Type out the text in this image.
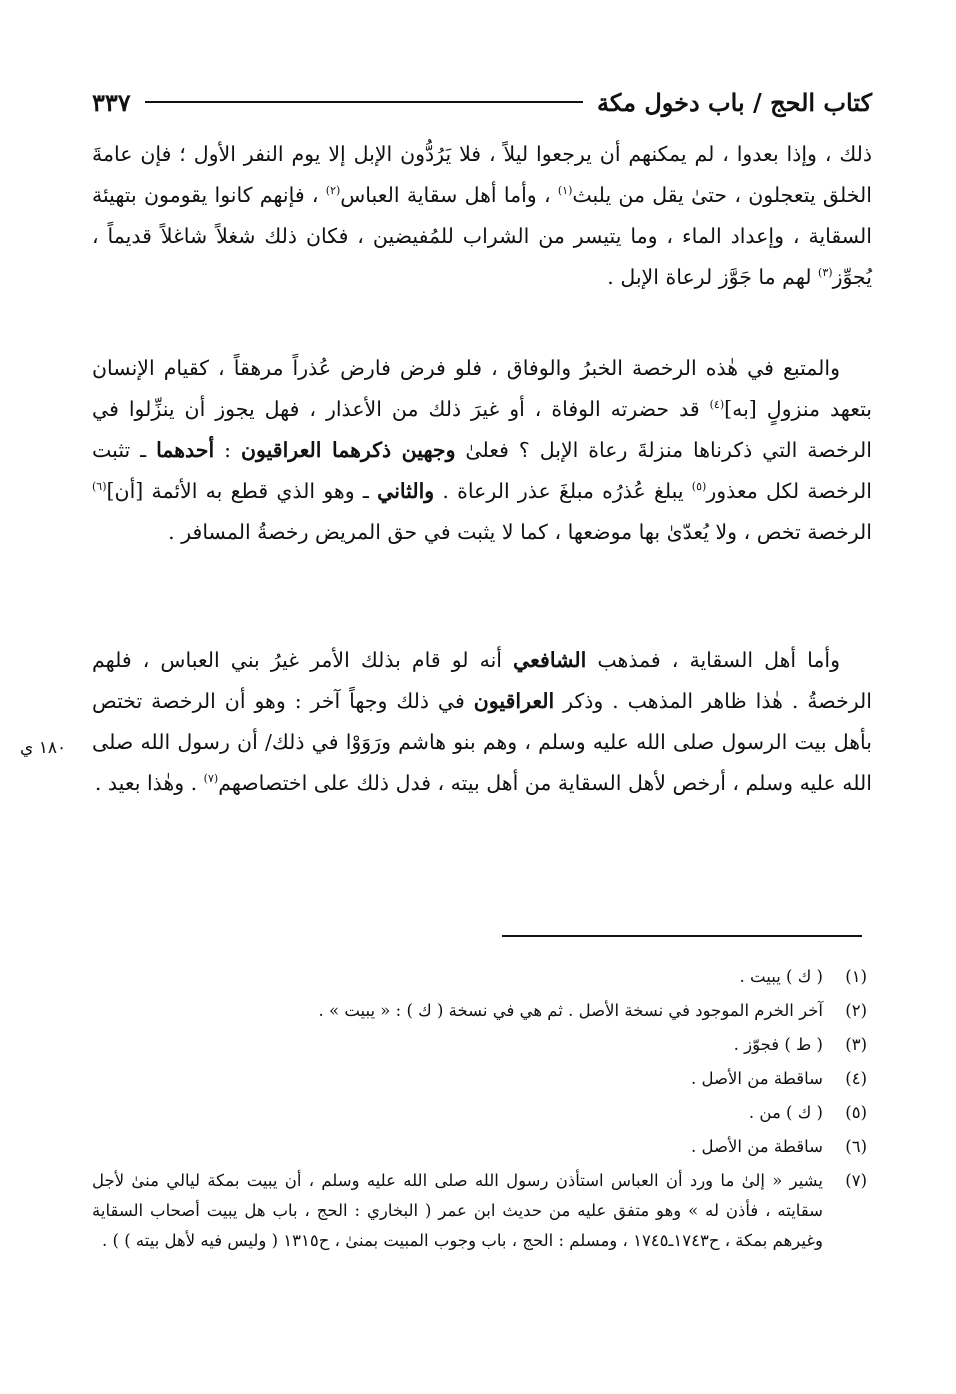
كتاب الحج / باب دخول مكة
٣٣٧
١٨٠ ي

ذلك ، وإذا بعدوا ، لم يمكنهم أن يرجعوا ليلاً ، فلا يَرُدُّون الإبل إلا يوم النفر الأول ؛ فإن عامةَ الخلق يتعجلون ، حتىٰ يقل من يلبث$^{(١)}$ ، وأما أهل سقاية العباس$^{(٢)}$ ، فإنهم كانوا يقومون بتهيئة السقاية ، وإعداد الماء ، وما يتيسر من الشراب للمُفيضين ، فكان ذلك شغلاً شاغلاً قديماً ، يُجوِّز$^{(٣)}$ لهم ما جَوَّز لرعاة الإبل .

والمتبع في هٰذه الرخصة الخبرُ والوفاق ، فلو فرض فارض عُذراً مرهقاً ، كقيام الإنسان بتعهد منزولٍ [به]$^{(٤)}$ قد حضرته الوفاة ، أو غيرَ ذلك من الأعذار ، فهل يجوز أن ينزِّلوا في الرخصة التي ذكرناها منزلةَ رعاة الإبل ؟ فعلىٰ وجهين ذكرهما العراقيون : أحدهما ـ تثبت الرخصة لكل معذور$^{(٥)}$ يبلغ عُذرُه مبلغَ عذر الرعاة . والثاني ـ وهو الذي قطع به الأئمة [أن]$^{(٦)}$ الرخصة تخص ، ولا يُعدّىٰ بها موضعها ، كما لا يثبت في حق المريض رخصةُ المسافر .

وأما أهل السقاية ، فمذهب الشافعي أنه لو قام بذلك الأمر غيرُ بني العباس ، فلهم الرخصةُ . هٰذا ظاهر المذهب . وذكر العراقيون في ذلك وجهاً آخر : وهو أن الرخصة تختص بأهل بيت الرسول صلى الله عليه وسلم ، وهم بنو هاشم ورَوَوْا في ذلك/ أن رسول الله صلى الله عليه وسلم ، أرخص لأهل السقاية من أهل بيته ، فدل ذلك على اختصاصهم$^{(٧)}$ . وهٰذا بعيد .

(١)
( ك ) يبيت .
(٢)
آخر الخرم الموجود في نسخة الأصل . ثم هي في نسخة ( ك ) : « يبيت » .
(٣)
( ط ) فجوّز .
(٤)
ساقطة من الأصل .
(٥)
( ك ) من .
(٦)
ساقطة من الأصل .
(٧)
يشير « إلىٰ ما ورد أن العباس استأذن رسول الله صلى الله عليه وسلم ، أن يبيت بمكة ليالي منىٰ لأجل سقايته ، فأذن له » وهو متفق عليه من حديث ابن عمر ( البخاري : الحج ، باب هل يبيت أصحاب السقاية وغيرهم بمكة ، ح١٧٤٣ـ١٧٤٥ ، ومسلم : الحج ، باب وجوب المبيت بمنىٰ ، ح١٣١٥ ( وليس فيه لأهل بيته ) ) .
